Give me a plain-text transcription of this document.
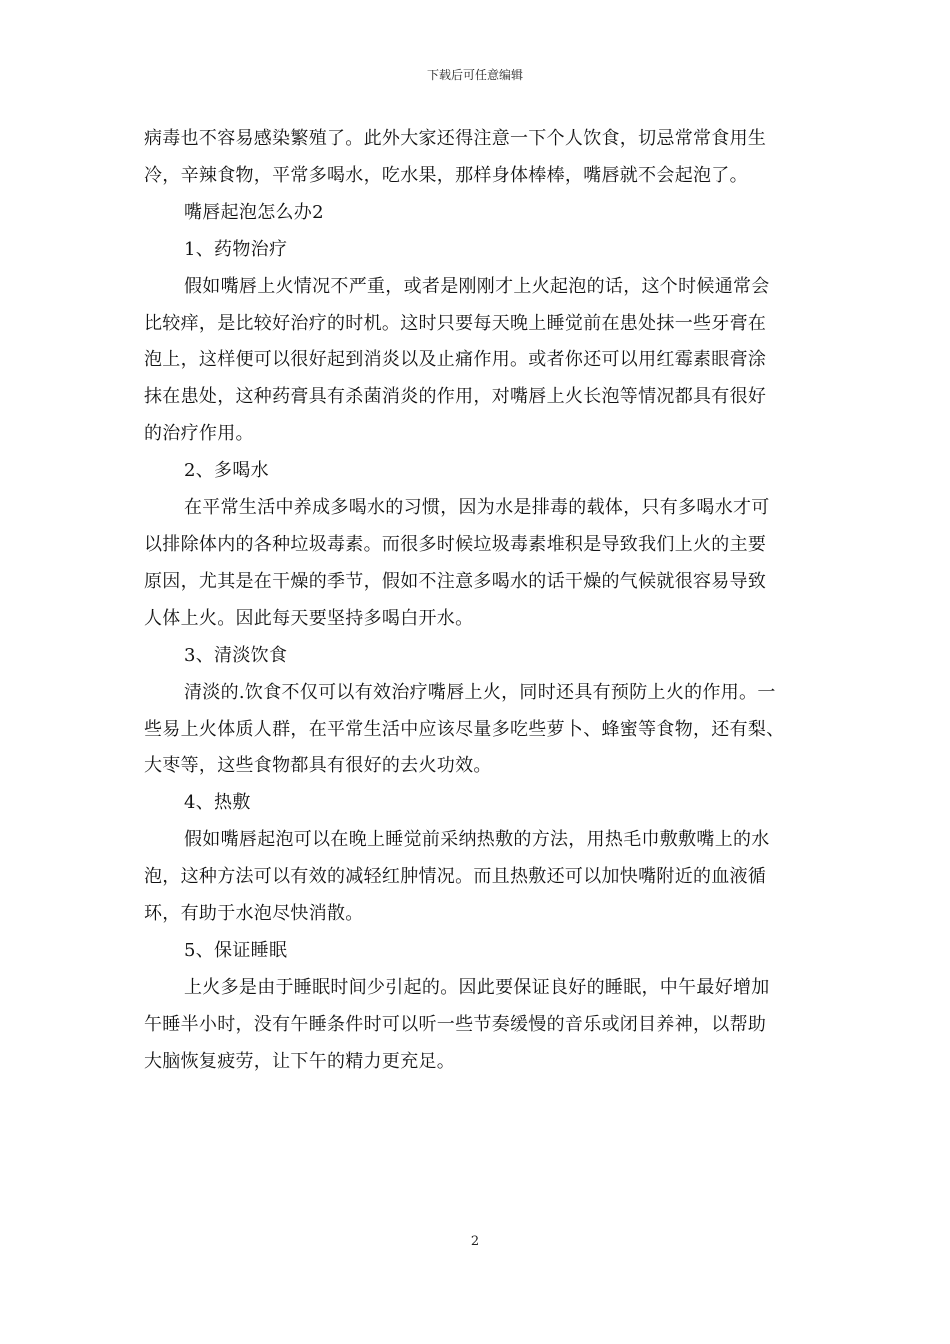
下载后可任意编辑

病毒也不容易感染繁殖了。此外大家还得注意一下个人饮食，切忌常常食用生
冷，辛辣食物，平常多喝水，吃水果，那样身体棒棒，嘴唇就不会起泡了。

嘴唇起泡怎么办2

1、药物治疗

假如嘴唇上火情况不严重，或者是刚刚才上火起泡的话，这个时候通常会
比较痒，是比较好治疗的时机。这时只要每天晚上睡觉前在患处抹一些牙膏在
泡上，这样便可以很好起到消炎以及止痛作用。或者你还可以用红霉素眼膏涂
抹在患处，这种药膏具有杀菌消炎的作用，对嘴唇上火长泡等情况都具有很好
的治疗作用。

2、多喝水

在平常生活中养成多喝水的习惯，因为水是排毒的载体，只有多喝水才可
以排除体内的各种垃圾毒素。而很多时候垃圾毒素堆积是导致我们上火的主要
原因，尤其是在干燥的季节，假如不注意多喝水的话干燥的气候就很容易导致
人体上火。因此每天要坚持多喝白开水。

3、清淡饮食

清淡的.饮食不仅可以有效治疗嘴唇上火，同时还具有预防上火的作用。一
些易上火体质人群，在平常生活中应该尽量多吃些萝卜、蜂蜜等食物，还有梨、
大枣等，这些食物都具有很好的去火功效。

4、热敷

假如嘴唇起泡可以在晚上睡觉前采纳热敷的方法，用热毛巾敷敷嘴上的水
泡，这种方法可以有效的减轻红肿情况。而且热敷还可以加快嘴附近的血液循
环，有助于水泡尽快消散。

5、保证睡眠

上火多是由于睡眠时间少引起的。因此要保证良好的睡眠，中午最好增加
午睡半小时，没有午睡条件时可以听一些节奏缓慢的音乐或闭目养神，以帮助
大脑恢复疲劳，让下午的精力更充足。

2
